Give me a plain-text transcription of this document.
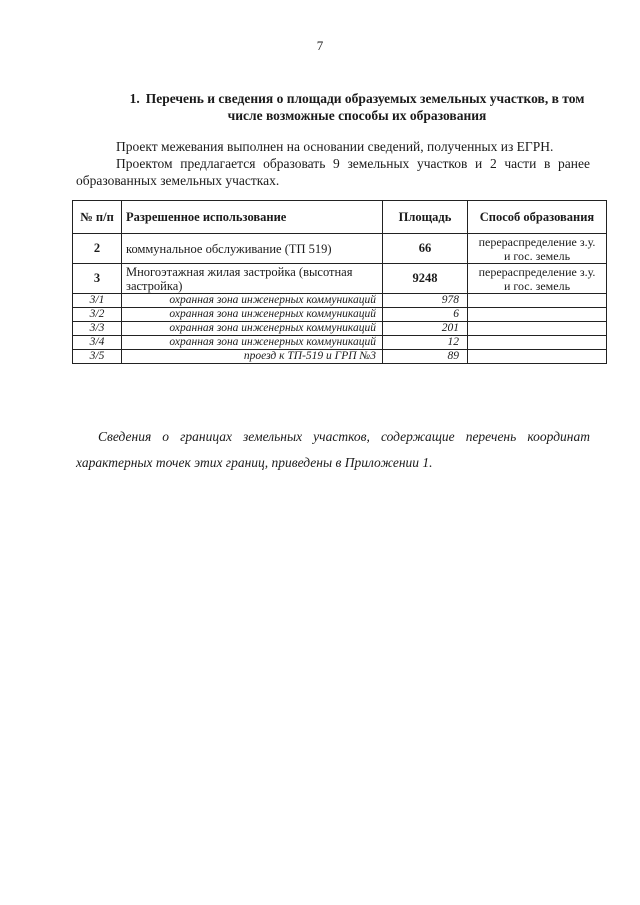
7
1. Перечень и сведения о площади образуемых земельных участков, в том
числе возможные способы их образования
Проект межевания выполнен на основании сведений, полученных из ЕГРН.
Проектом предлагается образовать 9 земельных участков и 2 части в ранее
образованных земельных участках.
№ п/п	Разрешенное использование	Площадь	Способ образования
2	коммунальное обслуживание (ТП 519)	66	перераспределение з.у.
и гос. земель

3	Многоэтажная жилая застройка (высотная застройка)	9248	перераспределение з.у.
и гос. земель

3/1	охранная зона инженерных коммуникаций	978	
3/2	охранная зона инженерных коммуникаций	6	
3/3	охранная зона инженерных коммуникаций	201	
3/4	охранная зона инженерных коммуникаций	12	
3/5	проезд к ТП-519 и ГРП №3	89	
Сведения о границах земельных участков, содержащие перечень координат
характерных точек этих границ, приведены в Приложении 1.
